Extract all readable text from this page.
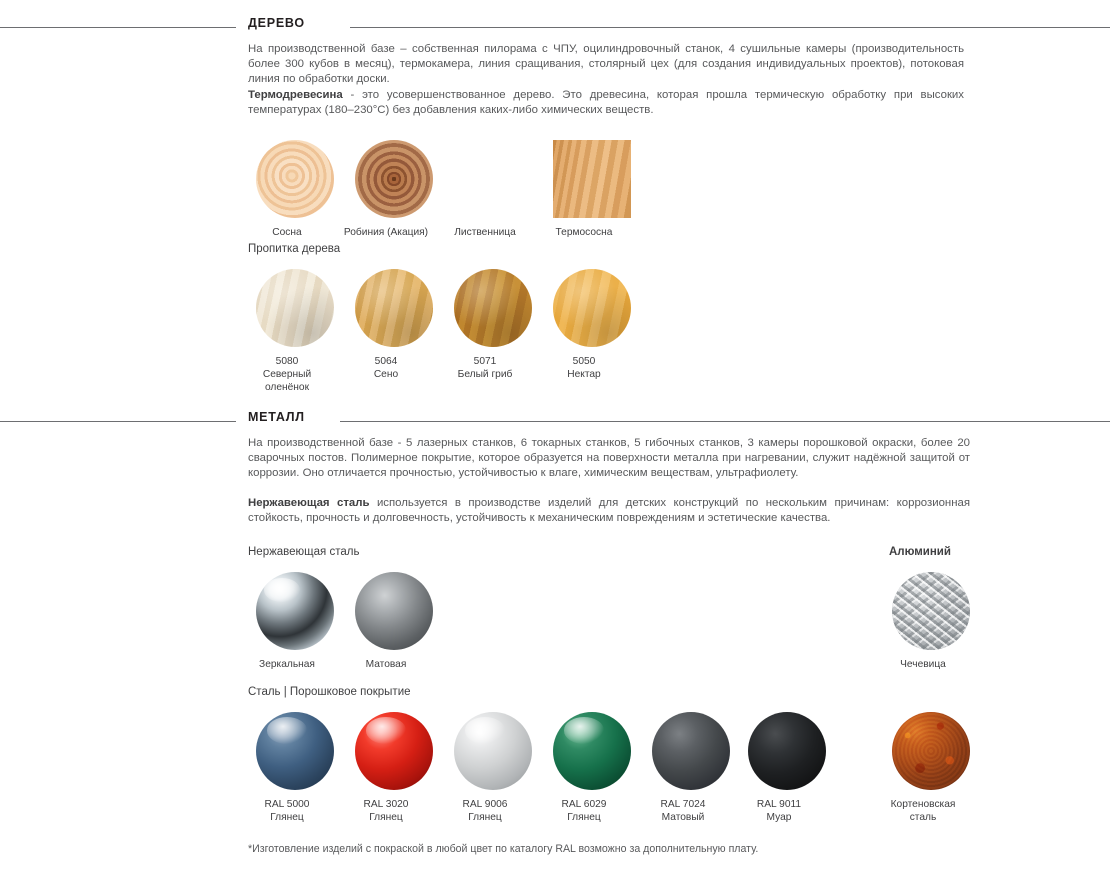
ДЕРЕВО
На производственной базе – собственная пилорама с ЧПУ, оцилиндровочный станок, 4 сушильные камеры (производительность более 300 кубов в месяц), термокамера, линия сращивания, столярный цех (для создания индивидуальных проектов), потоковая линия по обработки доски.
Термодревесина - это усовершенствованное дерево. Это древесина, которая прошла термическую обработку при высоких температурах (180–230°С) без добавления каких-либо химических веществ.
Сосна	Робиния (Акация)	Лиственница	Термососна
Пропитка дерева
5080
Северный
оленёнок
5064
Сено
5071
Белый гриб
5050
Нектар
МЕТАЛЛ
На производственной базе - 5 лазерных станков, 6 токарных станков, 5 гибочных станков, 3 камеры порошковой окраски, более 20 сварочных постов. Полимерное покрытие, которое образуется на поверхности металла при нагревании, служит надёжной защитой от коррозии. Оно отличается прочностью, устойчивостью к влаге, химическим веществам, ультрафиолету.
Нержавеющая сталь используется в производстве изделий для детских конструкций по нескольким причинам: коррозионная стойкость, прочность и долговечность, устойчивость к механическим повреждениям и эстетические качества.
Нержавеющая сталь	Алюминий
Зеркальная	Матовая	Чечевица
Сталь | Порошковое покрытие
RAL 5000
Глянец
RAL 3020
Глянец
RAL 9006
Глянец
RAL 6029
Глянец
RAL 7024
Матовый
RAL 9011
Муар
Кортеновская
сталь
*Изготовление изделий с покраской в любой цвет по каталогу RAL возможно за дополнительную плату.
